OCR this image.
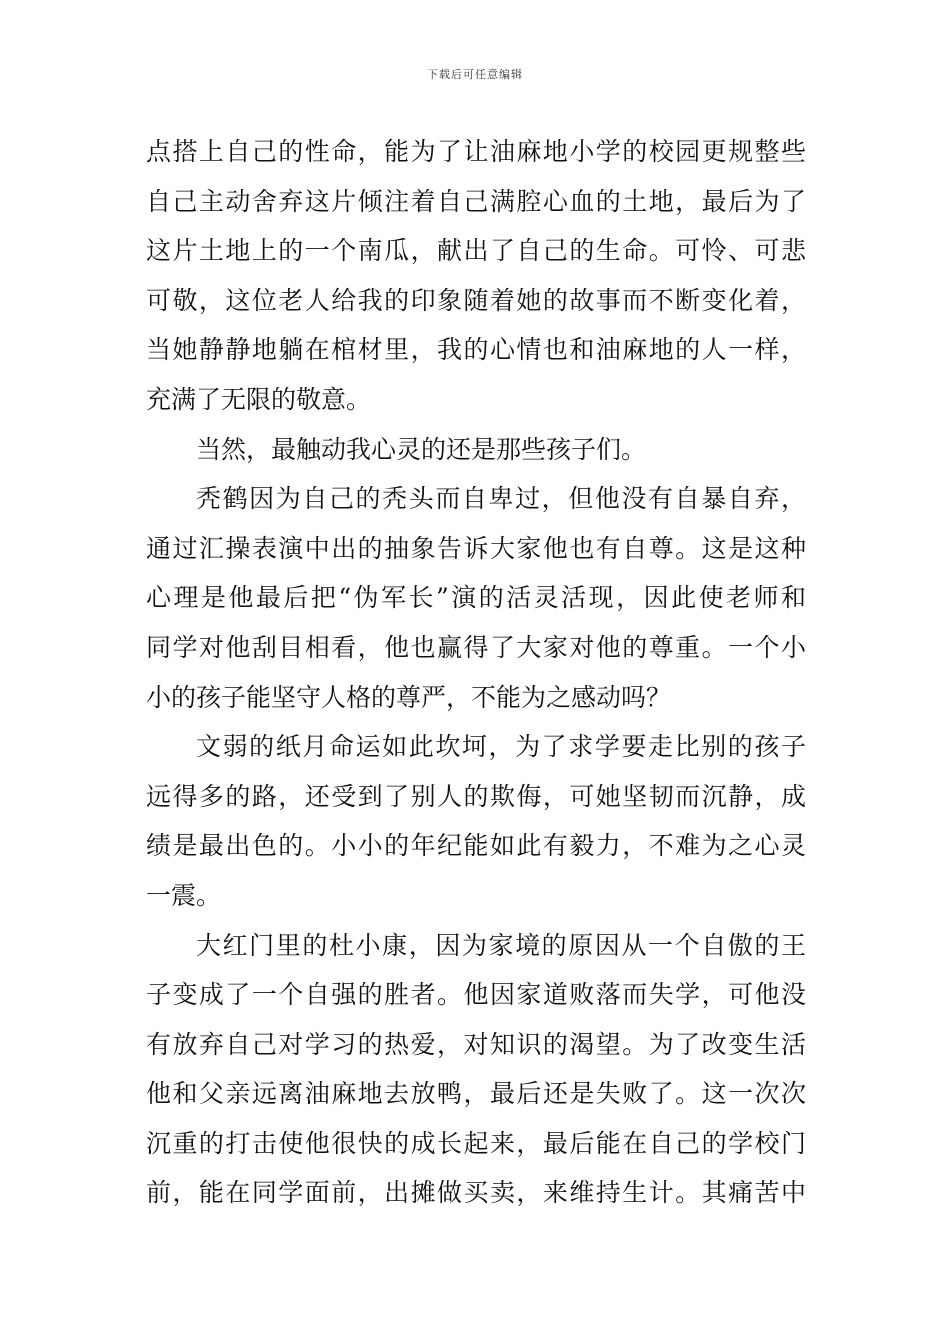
下载后可任意编辑
点搭上自己的性命，能为了让油麻地小学的校园更规整些
自己主动舍弃这片倾注着自己满腔心血的土地，最后为了
这片土地上的一个南瓜，献出了自己的生命。可怜、可悲
可敬，这位老人给我的印象随着她的故事而不断变化着，
当她静静地躺在棺材里，我的心情也和油麻地的人一样，
充满了无限的敬意。
当然，最触动我心灵的还是那些孩子们。
秃鹤因为自己的秃头而自卑过，但他没有自暴自弃，
通过汇操表演中出的抽象告诉大家他也有自尊。这是这种
心理是他最后把“伪军长”演的活灵活现，因此使老师和
同学对他刮目相看，他也赢得了大家对他的尊重。一个小
小的孩子能坚守人格的尊严，不能为之感动吗？
文弱的纸月命运如此坎坷，为了求学要走比别的孩子
远得多的路，还受到了别人的欺侮，可她坚韧而沉静，成
绩是最出色的。小小的年纪能如此有毅力，不难为之心灵
一震。
大红门里的杜小康，因为家境的原因从一个自傲的王
子变成了一个自强的胜者。他因家道败落而失学，可他没
有放弃自己对学习的热爱，对知识的渴望。为了改变生活
他和父亲远离油麻地去放鸭，最后还是失败了。这一次次
沉重的打击使他很快的成长起来，最后能在自己的学校门
前，能在同学面前，出摊做买卖，来维持生计。其痛苦中
